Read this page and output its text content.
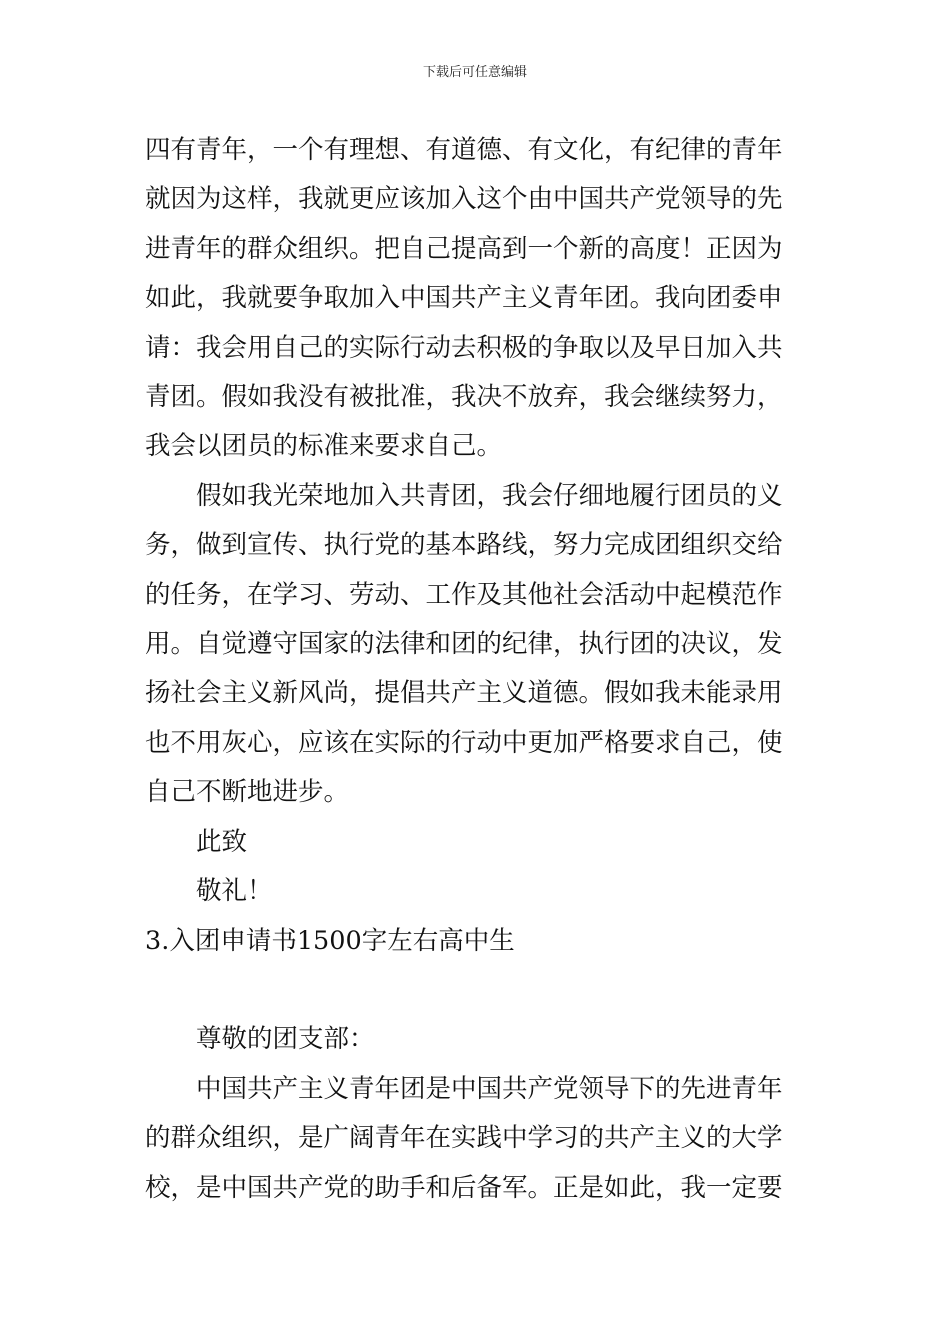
下载后可任意编辑
四有青年，一个有理想、有道德、有文化，有纪律的青年
就因为这样，我就更应该加入这个由中国共产党领导的先
进青年的群众组织。把自己提高到一个新的高度！正因为
如此，我就要争取加入中国共产主义青年团。我向团委申
请：我会用自己的实际行动去积极的争取以及早日加入共
青团。假如我没有被批准，我决不放弃，我会继续努力，
我会以团员的标准来要求自己。
假如我光荣地加入共青团，我会仔细地履行团员的义
务，做到宣传、执行党的基本路线，努力完成团组织交给
的任务，在学习、劳动、工作及其他社会活动中起模范作
用。自觉遵守国家的法律和团的纪律，执行团的决议，发
扬社会主义新风尚，提倡共产主义道德。假如我未能录用
也不用灰心，应该在实际的行动中更加严格要求自己，使
自己不断地进步。
此致
敬礼！
3.入团申请书1500字左右高中生
尊敬的团支部：
中国共产主义青年团是中国共产党领导下的先进青年
的群众组织，是广阔青年在实践中学习的共产主义的大学
校，是中国共产党的助手和后备军。正是如此，我一定要
